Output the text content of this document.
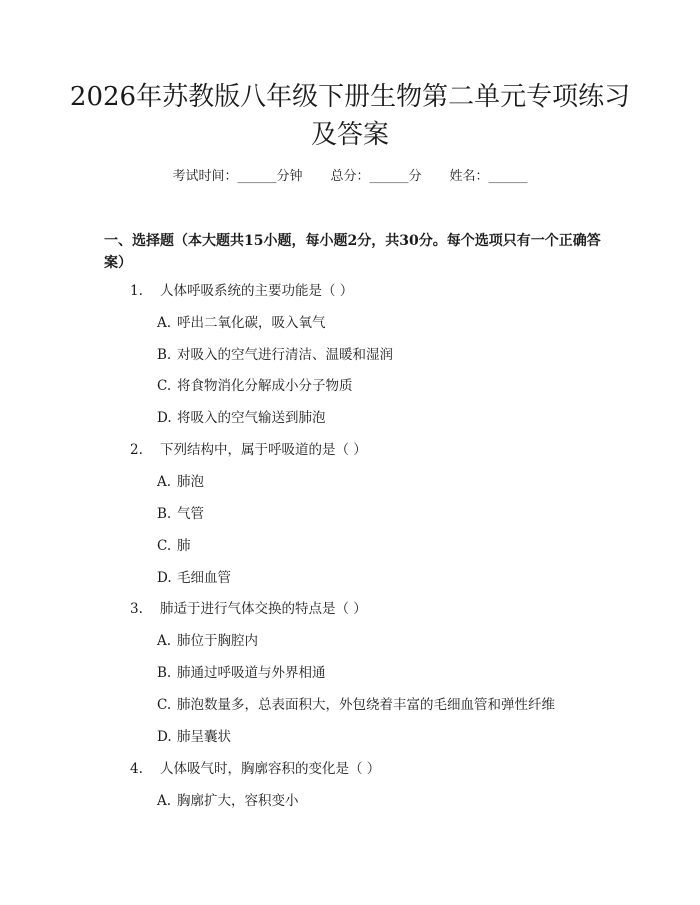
2026年苏教版八年级下册生物第二单元专项练习及答案
考试时间：______分钟 总分：______分 姓名：______
一、选择题（本大题共15小题，每小题2分，共30分。每个选项只有一个正确答案）
1. 人体呼吸系统的主要功能是（ ）
A. 呼出二氧化碳，吸入氧气
B. 对吸入的空气进行清洁、温暖和湿润
C. 将食物消化分解成小分子物质
D. 将吸入的空气输送到肺泡
2. 下列结构中，属于呼吸道的是（ ）
A. 肺泡
B. 气管
C. 肺
D. 毛细血管
3. 肺适于进行气体交换的特点是（ ）
A. 肺位于胸腔内
B. 肺通过呼吸道与外界相通
C. 肺泡数量多，总表面积大，外包绕着丰富的毛细血管和弹性纤维
D. 肺呈囊状
4. 人体吸气时，胸廓容积的变化是（ ）
A. 胸廓扩大，容积变小
